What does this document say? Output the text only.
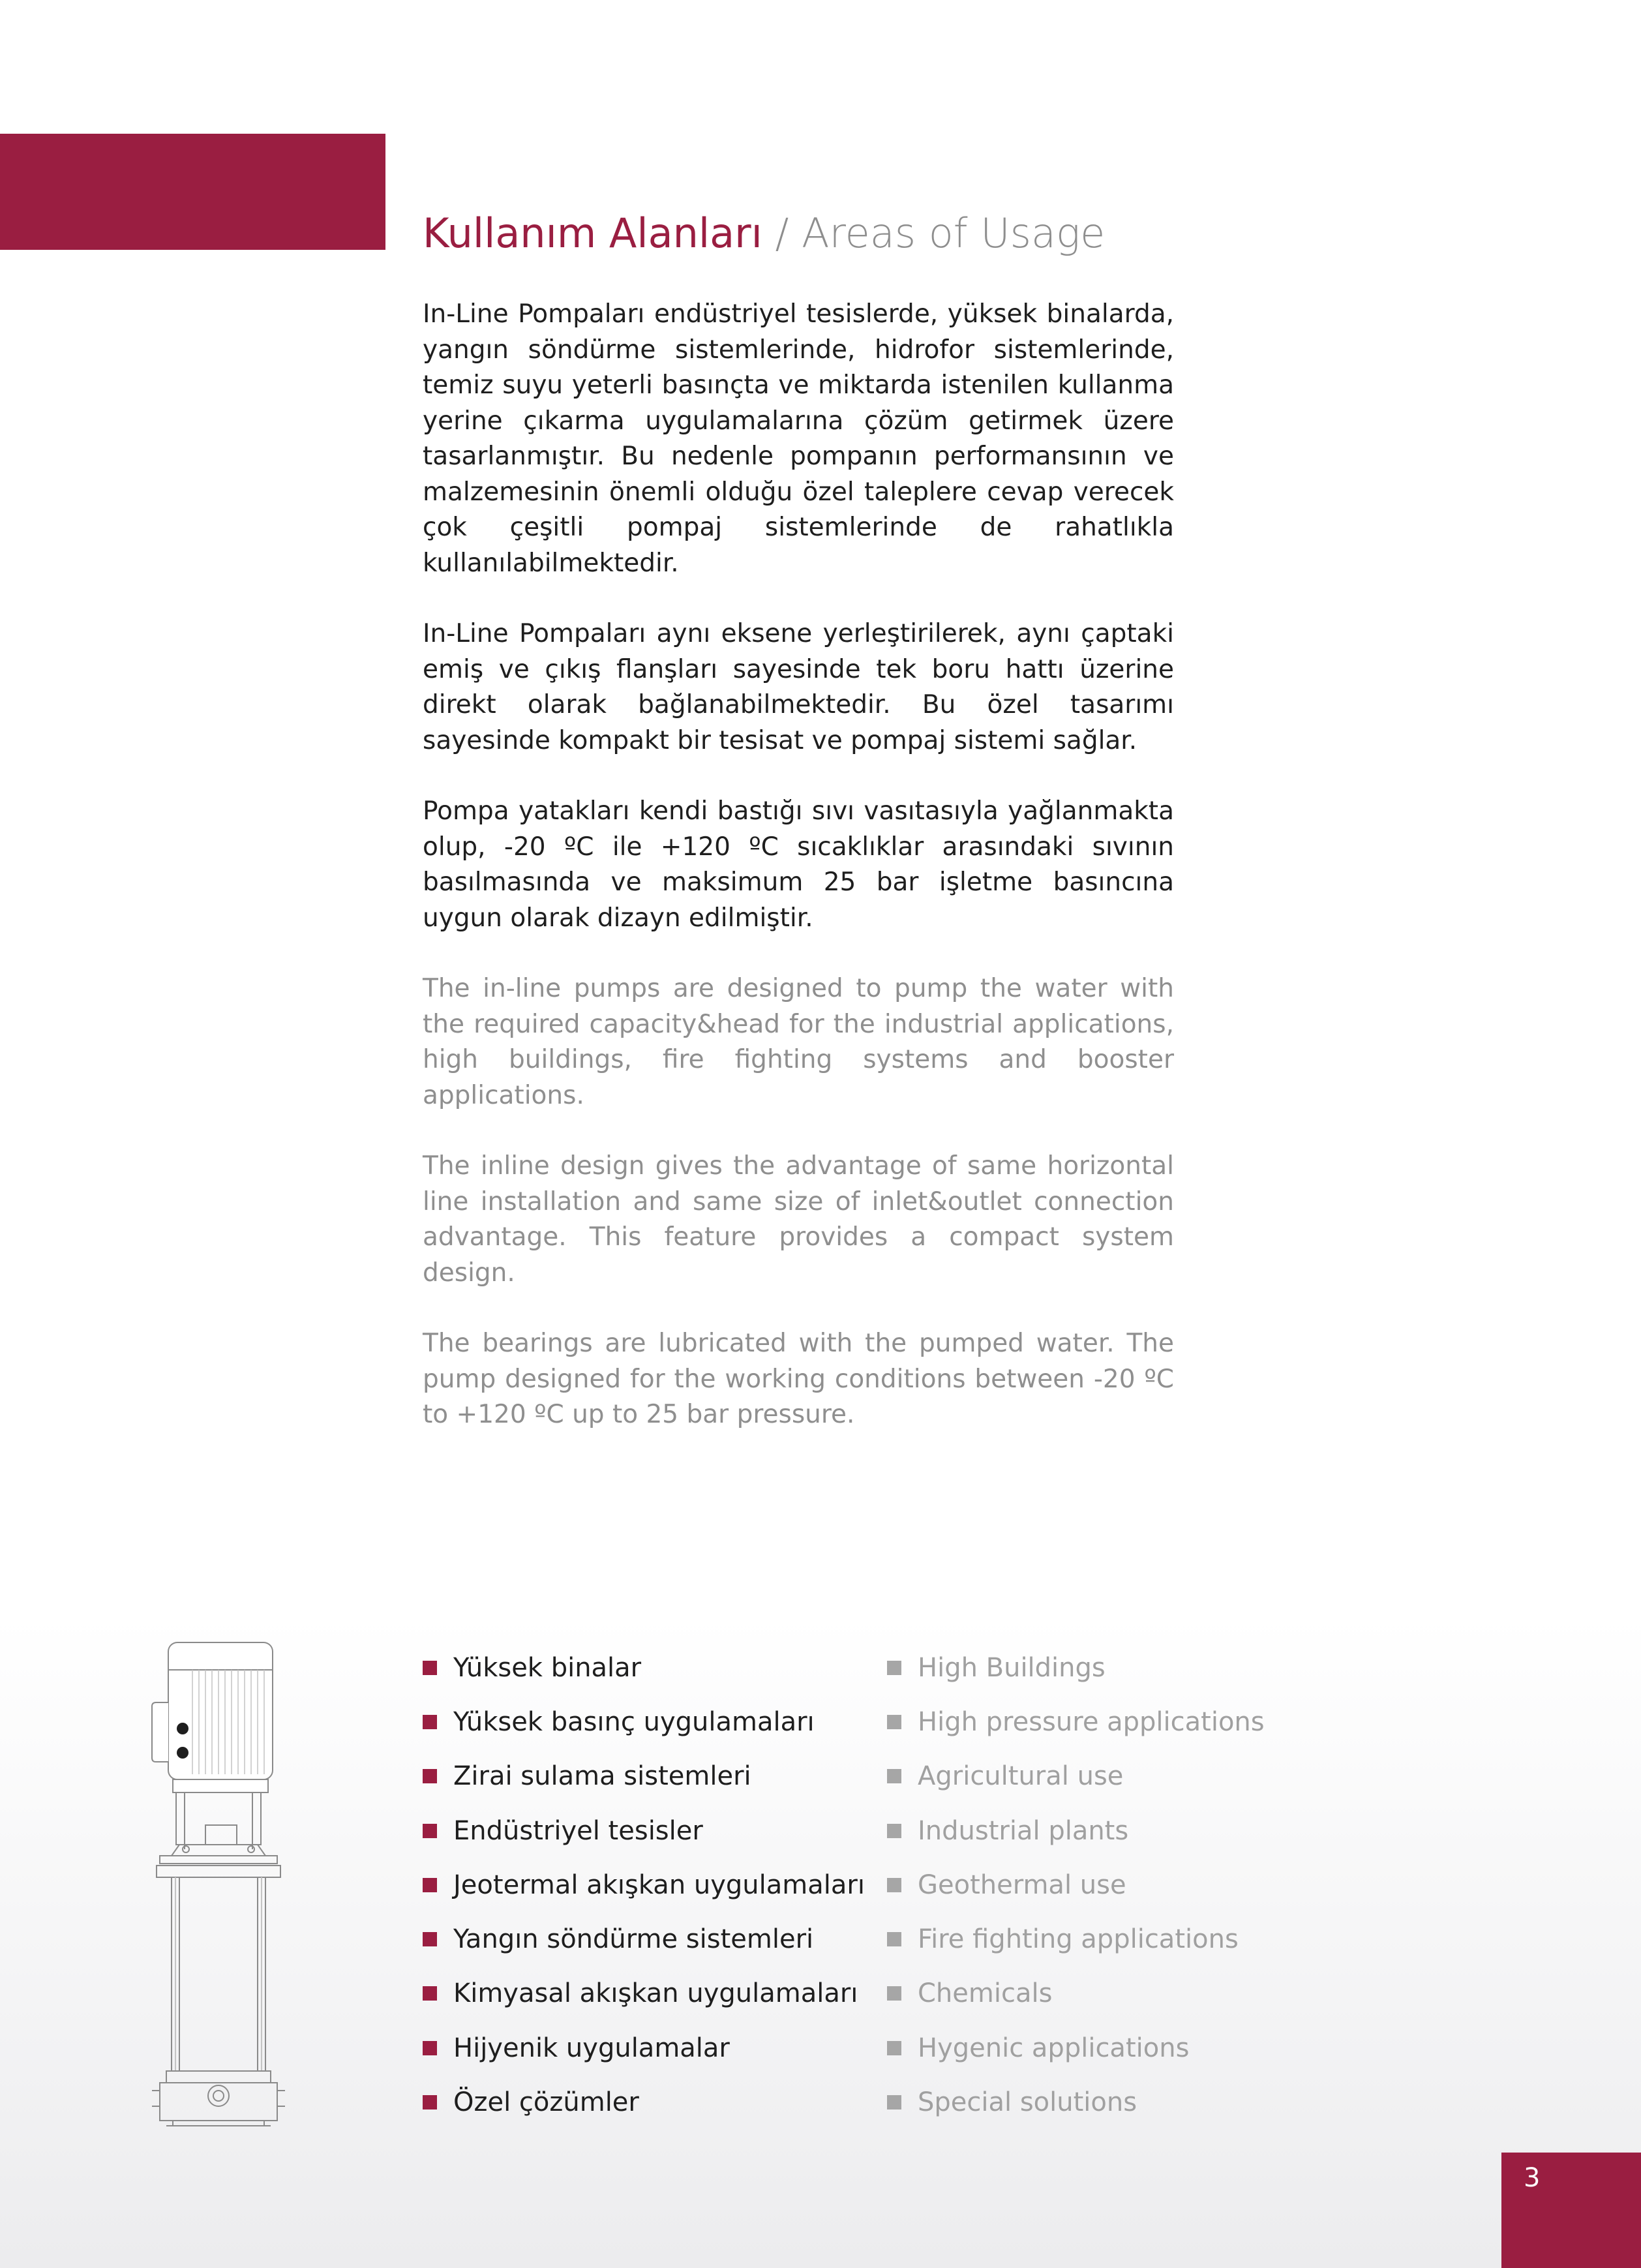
Kullanım Alanları / Areas of Usage

In-Line Pompaları endüstriyel tesislerde, yüksek binalarda, yangın söndürme sistemlerinde, hidrofor sistemlerinde, temiz suyu yeterli basınçta ve miktarda istenilen kullanma yerine çıkarma uygulamalarına çözüm getirmek üzere tasarlanmıştır. Bu nedenle pompanın performansının ve malzemesinin önemli olduğu özel taleplere cevap verecek çok çeşitli pompaj sistemlerinde de rahatlıkla kullanılabilmektedir.

In-Line Pompaları aynı eksene yerleştirilerek, aynı çaptaki emiş ve çıkış flanşları sayesinde tek boru hattı üzerine direkt olarak bağlanabilmektedir. Bu özel tasarımı sayesinde kompakt bir tesisat ve pompaj sistemi sağlar.

Pompa yatakları kendi bastığı sıvı vasıtasıyla yağlanmakta olup, -20 ºC ile +120 ºC sıcaklıklar arasındaki sıvının basılmasında ve maksimum 25 bar işletme basıncına uygun olarak dizayn edilmiştir.

The in-line pumps are designed to pump the water with the required capacity&head for the industrial applications, high buildings, fire fighting systems and booster applications.

The inline design gives the advantage of same horizontal line installation and same size of inlet&outlet connection advantage. This feature provides a compact system design.

The bearings are lubricated with the pumped water. The pump designed for the working conditions between -20 ºC to +120 ºC up to 25 bar pressure.

Yüksek binalar
Yüksek basınç uygulamaları
Zirai sulama sistemleri
Endüstriyel tesisler
Jeotermal akışkan uygulamaları
Yangın söndürme sistemleri
Kimyasal akışkan uygulamaları
Hijyenik uygulamalar
Özel çözümler
High Buildings
High pressure applications
Agricultural use
Industrial plants
Geothermal use
Fire fighting applications
Chemicals
Hygenic applications
Special solutions
3
